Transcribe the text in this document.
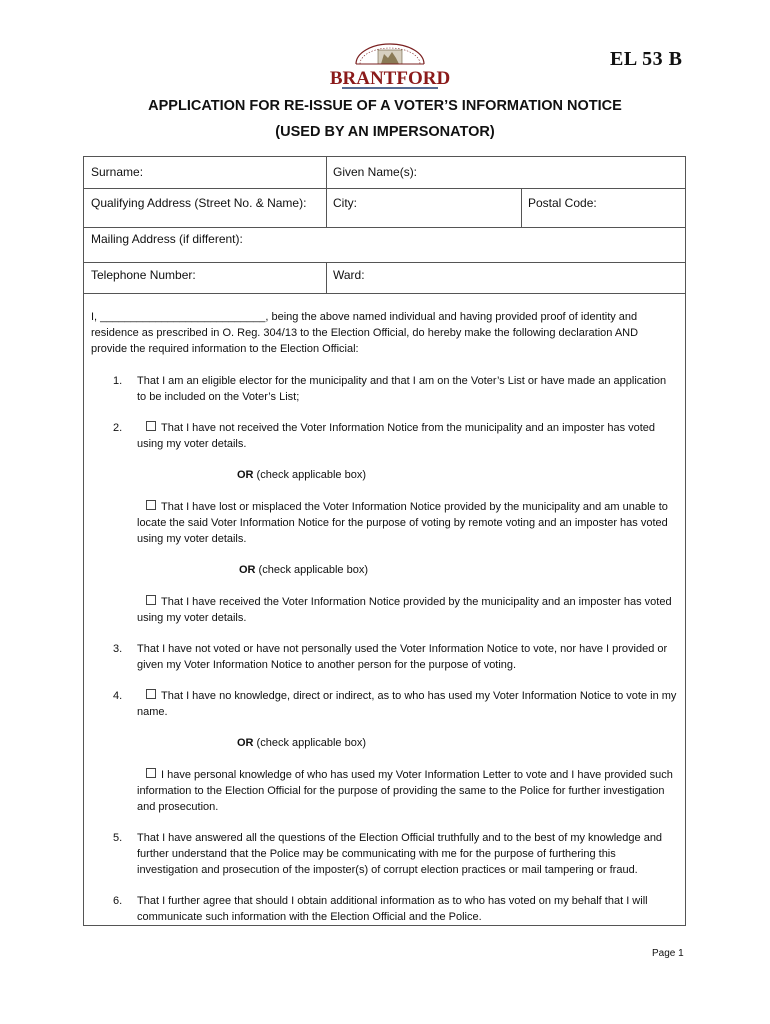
BRANTFORD
EL 53 B
APPLICATION FOR RE-ISSUE OF A VOTER’S INFORMATION NOTICE
(USED BY AN IMPERSONATOR)
Surname:	Given Name(s):
Qualifying Address (Street No. & Name):	City:	Postal Code:
Mailing Address (if different):
Telephone Number:	Ward:

I, ___________________________, being the above named individual and having provided proof of identity and residence as prescribed in O. Reg. 304/13 to the Election Official, do hereby make the following declaration AND provide the required information to the Election Official:

1. That I am an eligible elector for the municipality and that I am on the Voter’s List or have made an application to be included on the Voter’s List;
2.	That I have not received the Voter Information Notice from the municipality and an imposter has voted using my voter details.
OR (check applicable box)
That I have lost or misplaced the Voter Information Notice provided by the municipality and am unable to locate the said Voter Information Notice for the purpose of voting by remote voting and an imposter has voted using my voter details.
OR (check applicable box)
That I have received the Voter Information Notice provided by the municipality and an imposter has voted using my voter details.
3. That I have not voted or have not personally used the Voter Information Notice to vote, nor have I provided or given my Voter Information Notice to another person for the purpose of voting.
4.	That I have no knowledge, direct or indirect, as to who has used my Voter Information Notice to vote in my name.
OR (check applicable box)
I have personal knowledge of who has used my Voter Information Letter to vote and I have provided such information to the Election Official for the purpose of providing the same to the Police for further investigation and prosecution.
5. That I have answered all the questions of the Election Official truthfully and to the best of my knowledge and further understand that the Police may be communicating with me for the purpose of furthering this investigation and prosecution of the imposter(s) of corrupt election practices or mail tampering or fraud.
6. That I further agree that should I obtain additional information as to who has voted on my behalf that I will communicate such information with the Election Official and the Police.
Page 1
